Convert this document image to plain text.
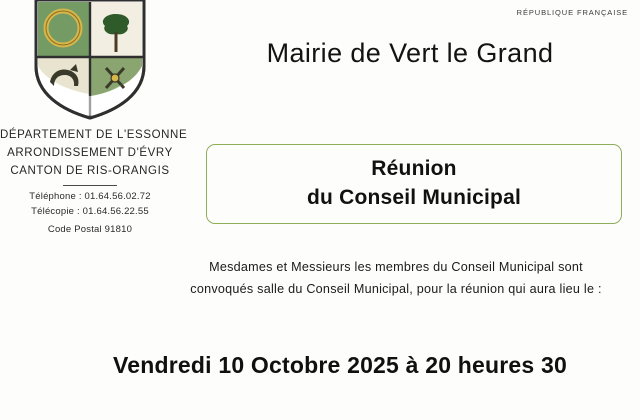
RÉPUBLIQUE FRANÇAISE
DÉPARTEMENT DE L'ESSONNE
ARRONDISSEMENT D'ÉVRY
CANTON DE RIS-ORANGIS
Téléphone : 01.64.56.02.72
Télécopie : 01.64.56.22.55
Code Postal 91810
Mairie de Vert le Grand
Réunion
du Conseil Municipal
Mesdames et Messieurs les membres du Conseil Municipal sont
convoqués salle du Conseil Municipal, pour la réunion qui aura lieu le :
Vendredi 10 Octobre 2025 à 20 heures 30
